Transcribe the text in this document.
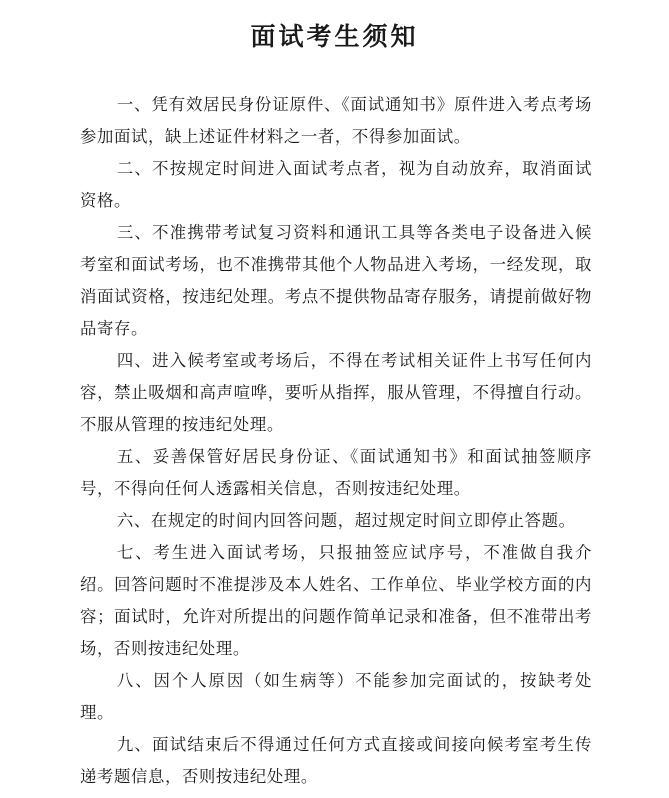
面试考生须知

一、凭有效居民身份证原件、《面试通知书》原件进入考点考场参加面试，缺上述证件材料之一者，不得参加面试。

二、不按规定时间进入面试考点者，视为自动放弃，取消面试资格。

三、不准携带考试复习资料和通讯工具等各类电子设备进入候考室和面试考场，也不准携带其他个人物品进入考场，一经发现，取消面试资格，按违纪处理。考点不提供物品寄存服务，请提前做好物品寄存。

四、进入候考室或考场后，不得在考试相关证件上书写任何内容，禁止吸烟和高声喧哗，要听从指挥，服从管理，不得擅自行动。不服从管理的按违纪处理。

五、妥善保管好居民身份证、《面试通知书》和面试抽签顺序号，不得向任何人透露相关信息，否则按违纪处理。

六、在规定的时间内回答问题，超过规定时间立即停止答题。

七、考生进入面试考场，只报抽签应试序号，不准做自我介绍。回答问题时不准提涉及本人姓名、工作单位、毕业学校方面的内容；面试时，允许对所提出的问题作简单记录和准备，但不准带出考场，否则按违纪处理。

八、因个人原因（如生病等）不能参加完面试的，按缺考处理。

九、面试结束后不得通过任何方式直接或间接向候考室考生传递考题信息，否则按违纪处理。
